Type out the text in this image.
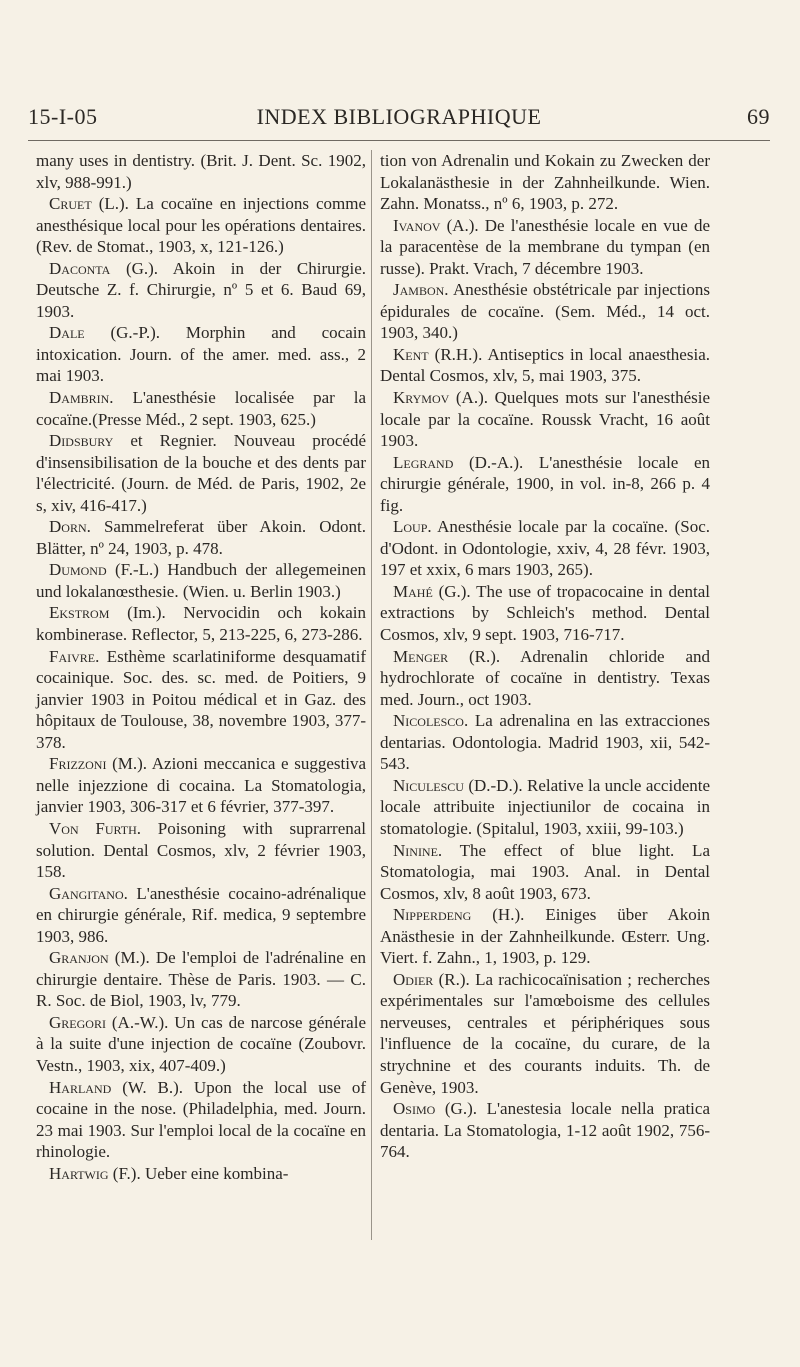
15-I-05	INDEX BIBLIOGRAPHIQUE	69

many uses in dentistry. (Brit. J. Dent. Sc. 1902, xlv, 988-991.)

Cruet (L.). La cocaïne en injections comme anesthésique local pour les opérations dentaires. (Rev. de Stomat., 1903, x, 121-126.)

Daconta (G.). Akoin in der Chirurgie. Deutsche Z. f. Chirurgie, nº 5 et 6. Baud 69, 1903.

Dale (G.-P.). Morphin and cocain intoxication. Journ. of the amer. med. ass., 2 mai 1903.

Dambrin. L'anesthésie localisée par la cocaïne.(Presse Méd., 2 sept. 1903, 625.)

Didsbury et Regnier. Nouveau procédé d'insensibilisation de la bouche et des dents par l'électricité. (Journ. de Méd. de Paris, 1902, 2e s, xiv, 416-417.)

Dorn. Sammelreferat über Akoin. Odont. Blätter, nº 24, 1903, p. 478.

Dumond (F.-L.) Handbuch der allegemeinen und lokalanœsthesie. (Wien. u. Berlin 1903.)

Ekstrom (Im.). Nervocidin och kokain kombinerase. Reflector, 5, 213-225, 6, 273-286.

Faivre. Esthème scarlatiniforme desquamatif cocainique. Soc. des. sc. med. de Poitiers, 9 janvier 1903 in Poitou médical et in Gaz. des hôpitaux de Toulouse, 38, novembre 1903, 377-378.

Frizzoni (M.). Azioni meccanica e suggestiva nelle injezzione di cocaina. La Stomatologia, janvier 1903, 306-317 et 6 février, 377-397.

Von Furth. Poisoning with suprarrenal solution. Dental Cosmos, xlv, 2 février 1903, 158.

Gangitano. L'anesthésie cocaino-adrénalique en chirurgie générale, Rif. medica, 9 septembre 1903, 986.

Granjon (M.). De l'emploi de l'adrénaline en chirurgie dentaire. Thèse de Paris. 1903. — C. R. Soc. de Biol, 1903, lv, 779.

Gregori (A.-W.). Un cas de narcose générale à la suite d'une injection de cocaïne (Zoubovr. Vestn., 1903, xix, 407-409.)

Harland (W. B.). Upon the local use of cocaine in the nose. (Philadelphia, med. Journ. 23 mai 1903. Sur l'emploi local de la cocaïne en rhinologie.

Hartwig (F.). Ueber eine kombina-

tion von Adrenalin und Kokain zu Zwecken der Lokalanästhesie in der Zahnheilkunde. Wien. Zahn. Monatss., nº 6, 1903, p. 272.

Ivanov (A.). De l'anesthésie locale en vue de la paracentèse de la membrane du tympan (en russe). Prakt. Vrach, 7 décembre 1903.

Jambon. Anesthésie obstétricale par injections épidurales de cocaïne. (Sem. Méd., 14 oct. 1903, 340.)

Kent (R.H.). Antiseptics in local anaesthesia. Dental Cosmos, xlv, 5, mai 1903, 375.

Krymov (A.). Quelques mots sur l'anesthésie locale par la cocaïne. Roussk Vracht, 16 août 1903.

Legrand (D.-A.). L'anesthésie locale en chirurgie générale, 1900, in vol. in-8, 266 p. 4 fig.

Loup. Anesthésie locale par la cocaïne. (Soc. d'Odont. in Odontologie, xxiv, 4, 28 févr. 1903, 197 et xxix, 6 mars 1903, 265).

Mahé (G.). The use of tropacocaine in dental extractions by Schleich's method. Dental Cosmos, xlv, 9 sept. 1903, 716-717.

Menger (R.). Adrenalin chloride and hydrochlorate of cocaïne in dentistry. Texas med. Journ., oct 1903.

Nicolesco. La adrenalina en las extracciones dentarias. Odontologia. Madrid 1903, xii, 542-543.

Niculescu (D.-D.). Relative la uncle accidente locale attribuite injectiunilor de cocaina in stomatologie. (Spitalul, 1903, xxiii, 99-103.)

Ninine. The effect of blue light. La Stomatologia, mai 1903. Anal. in Dental Cosmos, xlv, 8 août 1903, 673.

Nipperdeng (H.). Einiges über Akoin Anästhesie in der Zahnheilkunde. Œsterr. Ung. Viert. f. Zahn., 1, 1903, p. 129.

Odier (R.). La rachicocaïnisation ; recherches expérimentales sur l'amœboisme des cellules nerveuses, centrales et périphériques sous l'influence de la cocaïne, du curare, de la strychnine et des courants induits. Th. de Genève, 1903.

Osimo (G.). L'anestesia locale nella pratica dentaria. La Stomatologia, 1-12 août 1902, 756-764.
